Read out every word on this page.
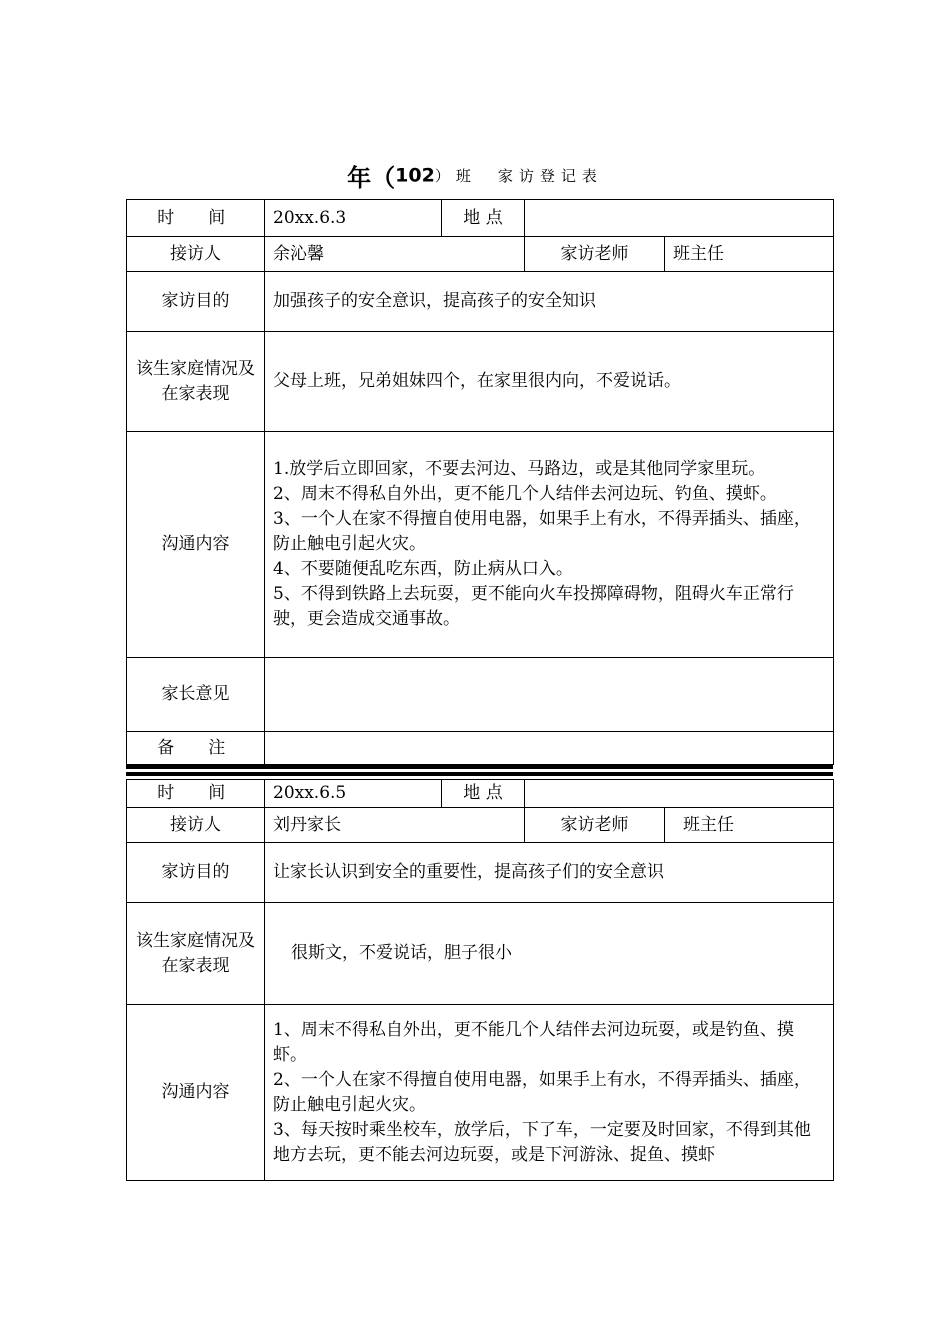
年（102）班　家访登记表
时　间	20xx.6.3	地 点		
接访人	余沁馨		家访老师	班主任
家访目的	加强孩子的安全意识，提高孩子的安全知识			
该生家庭情况及在家表现	父母上班，兄弟姐妹四个，在家里很内向，不爱说话。			
沟通内容	1.放学后立即回家，不要去河边、马路边，或是其他同学家里玩。

2、周末不得私自外出，更不能几个人结伴去河边玩、钓鱼、摸虾。

3、一个人在家不得擅自使用电器，如果手上有水，不得弄插头、插座，防止触电引起火灾。

4、不要随便乱吃东西，防止病从口入。

5、不得到铁路上去玩耍，更不能向火车投掷障碍物，阻碍火车正常行驶，更会造成交通事故。			

家长意见				
备　注				
时　间	20xx.6.5	地 点		
接访人	刘丹家长		家访老师	班主任
家访目的	让家长认识到安全的重要性，提高孩子们的安全意识			
该生家庭情况及在家表现	很斯文，不爱说话，胆子很小			
沟通内容	1、周末不得私自外出，更不能几个人结伴去河边玩耍，或是钓鱼、摸虾。

2、一个人在家不得擅自使用电器，如果手上有水，不得弄插头、插座，防止触电引起火灾。

3、每天按时乘坐校车，放学后，下了车，一定要及时回家，不得到其他地方去玩，更不能去河边玩耍，或是下河游泳、捉鱼、摸虾			
